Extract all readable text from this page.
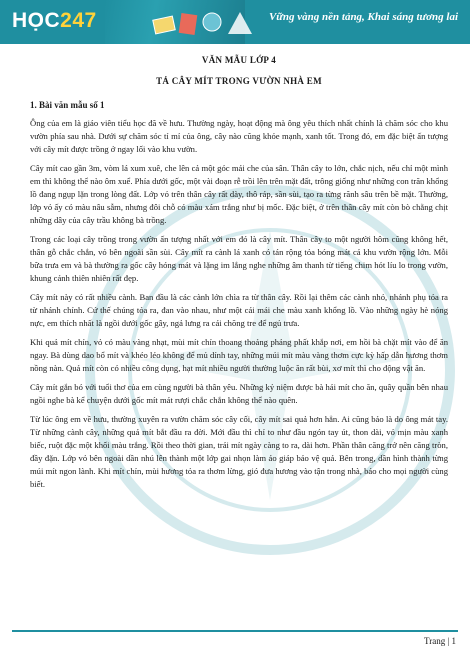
HỌC247	Vững vàng nền tảng, Khai sáng tương lai
VĂN MẪU LỚP 4
TẢ CÂY MÍT TRONG VƯỜN NHÀ EM
1. Bài văn mẫu số 1

Ông của em là giáo viên tiểu học đã về hưu. Thường ngày, hoạt động mà ông yêu thích nhất chính là chăm sóc cho khu vườn phía sau nhà. Dưới sự chăm sóc tỉ mỉ của ông, cây nào cũng khỏe mạnh, xanh tốt. Trong đó, em đặc biệt ấn tượng với cây mít được trồng ở ngay lối vào khu vườn.

Cây mít cao gần 3m, vòm lá xum xuê, che lên cả một góc mái che của sân. Thân cây to lớn, chắc nịch, nếu chỉ một mình em thì không thể nào ôm xuể. Phía dưới gốc, một vài đoạn rễ trồi lên trên mặt đất, trông giống như những con trăn khổng lồ đang ngụp lặn trong lòng đất. Lớp vỏ trên thân cây rất dày, thô ráp, sần sùi, tạo ra từng rãnh sâu trên bề mặt. Thường, lớp vỏ ấy có màu nâu sẫm, nhưng đôi chỗ có màu xám trắng như bị mốc. Đặc biệt, ở trên thân cây mít còn bò chằng chịt những dây của cây trầu không bà trồng.

Trong các loại cây trồng trong vườn ấn tượng nhất với em đó là cây mít. Thân cây to một người hôm cũng không hết, thân gỗ chắc chắn, vỏ bên ngoài sần sùi. Cây mít ra cành lá xanh có tán rộng tỏa bóng mát cả khu vườn rộng lớn. Mỗi bữa trưa em và bà thường ra gốc cây hóng mát và lặng im lắng nghe những âm thanh từ tiếng chim hót líu lo trong vườn, khung cảnh thiên nhiên rất đẹp.

Cây mít này có rất nhiều cành. Ban đầu là các cành lớn chìa ra từ thân cây. Rồi lại thêm các cành nhỏ, nhánh phụ tỏa ra từ nhánh chính. Cứ thế chúng tỏa ra, đan vào nhau, như một cái mái che màu xanh khổng lồ. Vào những ngày hè nóng nực, em thích nhất là ngồi dưới gốc gây, ngả lưng ra cái chõng tre để ngủ trưa.

Khi quả mít chín, vỏ có màu vàng nhạt, mùi mít chín thoang thoảng phảng phất khắp nơi, em hồi bà chặt mít vào để ăn ngay. Bà dùng dao bổ mít và khéo léo không để mủ dính tay, những múi mít màu vàng thơm cực kỳ hấp dẫn hương thơm nồng nàn. Quả mít còn có nhiều công dụng, hạt mít nhiều người thường luộc ăn rất bùi, xơ mít thì cho động vật ăn.

Cây mít gắn bó với tuổi thơ của em cùng người bà thân yêu. Những kỷ niệm được bà hái mít cho ăn, quây quần bên nhau ngồi nghe bà kể chuyện dưới gốc mít mát rượi chắc chắn không thể nào quên.

Từ lúc ông em về hưu, thường xuyên ra vườn chăm sóc cây cối, cây mít sai quả hơn hẳn. Ai cũng bảo là do ông mát tay. Từ những cành cây, những quả mít bắt đầu ra đời. Mới đầu thì chỉ to như đầu ngón tay út, thon dài, vỏ mịn màu xanh biếc, ruột đặc một khối màu trắng. Rồi theo thời gian, trái mít ngày càng to ra, dài hơn. Phần thân căng trở nên căng tròn, đầy đặn. Lớp vỏ bên ngoài dần nhú lên thành một lớp gai nhọn làm áo giáp bảo vệ quả. Bên trong, dần hình thành từng múi mít ngon lành. Khi mít chín, mùi hương tỏa ra thơm lừng, gió đưa hương vào tận trong nhà, báo cho mọi người cùng biết.

Trang | 1
